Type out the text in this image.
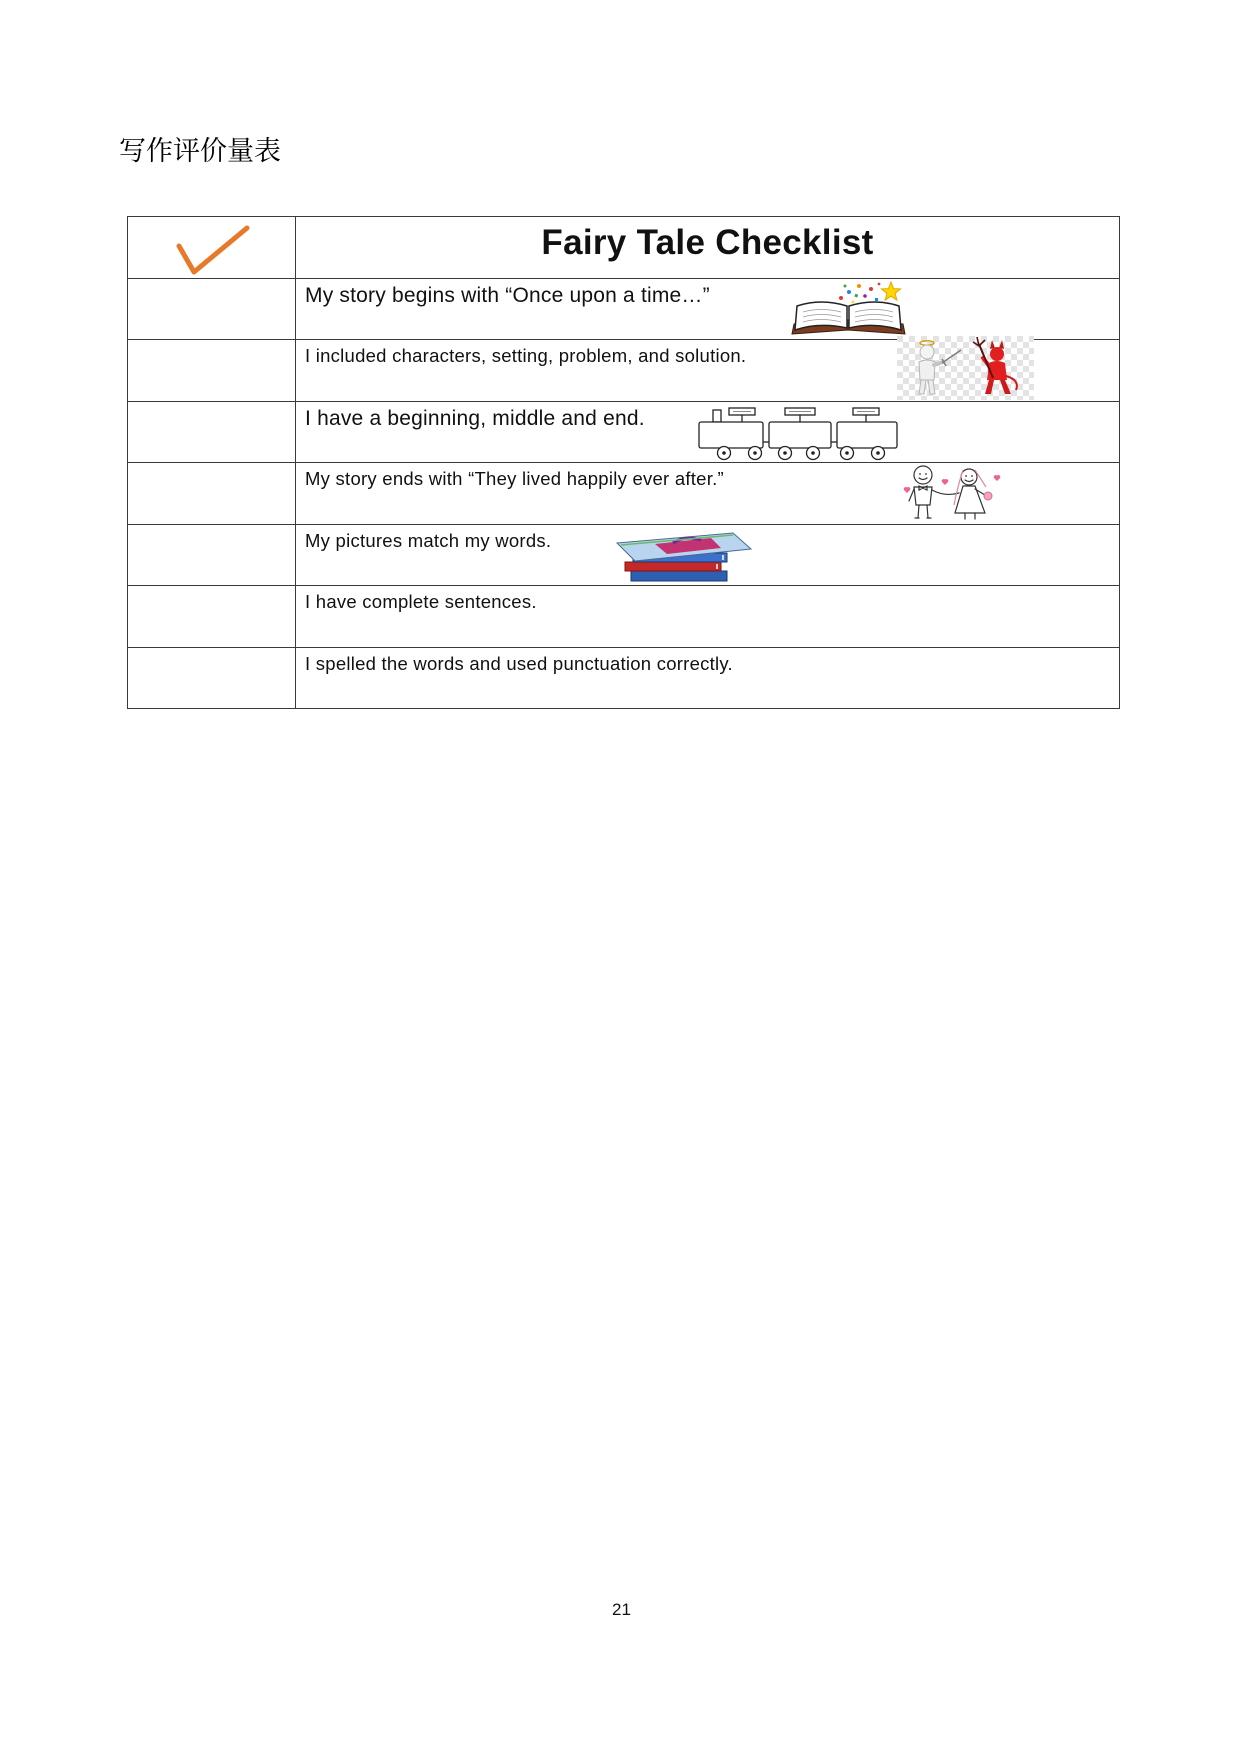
写作评价量表
	Fairy Tale Checklist
	My story begins with “Once upon a time…”

	I included characters, setting, problem, and solution.

	I have a beginning, middle and end.

	My story ends with “They lived happily ever after.”

	My pictures match my words.

	I have complete sentences.
	I spelled the words and used punctuation correctly.
21
